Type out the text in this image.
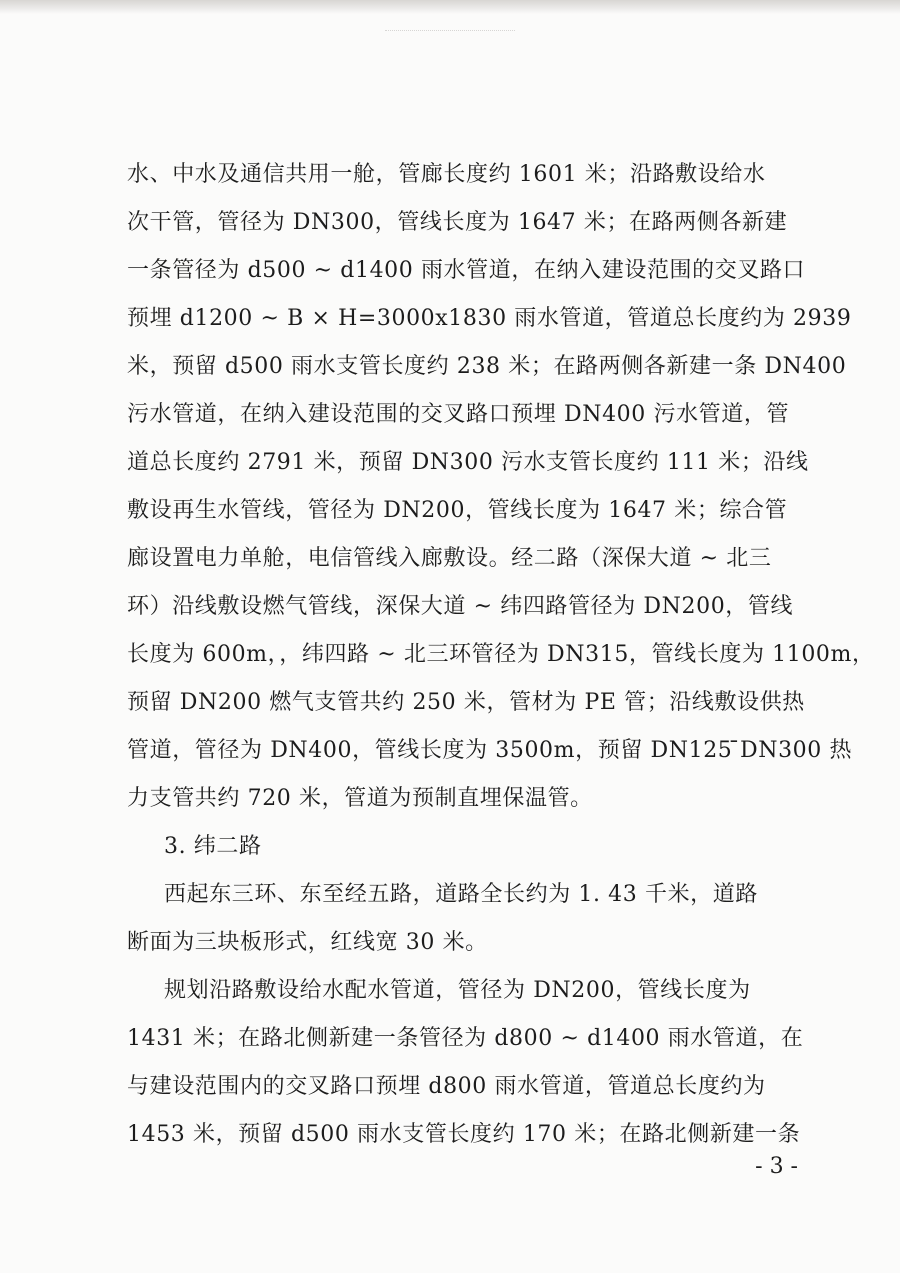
水、中水及通信共用一舱，管廊长度约 1601 米；沿路敷设给水
次干管，管径为 DN300，管线长度为 1647 米；在路两侧各新建
一条管径为 d500 ~ d1400 雨水管道，在纳入建设范围的交叉路口
预埋 d1200 ~ B × H=3000x1830 雨水管道，管道总长度约为 2939
米，预留 d500 雨水支管长度约 238 米；在路两侧各新建一条 DN400
污水管道，在纳入建设范围的交叉路口预埋 DN400 污水管道，管
道总长度约 2791 米，预留 DN300 污水支管长度约 111 米；沿线
敷设再生水管线，管径为 DN200，管线长度为 1647 米；综合管
廊设置电力单舱，电信管线入廊敷设。经二路（深保大道 ~ 北三
环）沿线敷设燃气管线，深保大道 ~ 纬四路管径为 DN200，管线
长度为 600m，，纬四路 ~ 北三环管径为 DN315，管线长度为 1100m，
预留 DN200 燃气支管共约 250 米，管材为 PE 管；沿线敷设供热
管道，管径为 DN400，管线长度为 3500m，预留 DN125 ̄DN300 热
力支管共约 720 米，管道为预制直埋保温管。
3. 纬二路
西起东三环、东至经五路，道路全长约为 1. 43 千米，道路
断面为三块板形式，红线宽 30 米。
规划沿路敷设给水配水管道，管径为 DN200，管线长度为
1431 米；在路北侧新建一条管径为 d800 ~ d1400 雨水管道，在
与建设范围内的交叉路口预埋 d800 雨水管道，管道总长度约为
1453 米，预留 d500 雨水支管长度约 170 米；在路北侧新建一条
- 3 -
